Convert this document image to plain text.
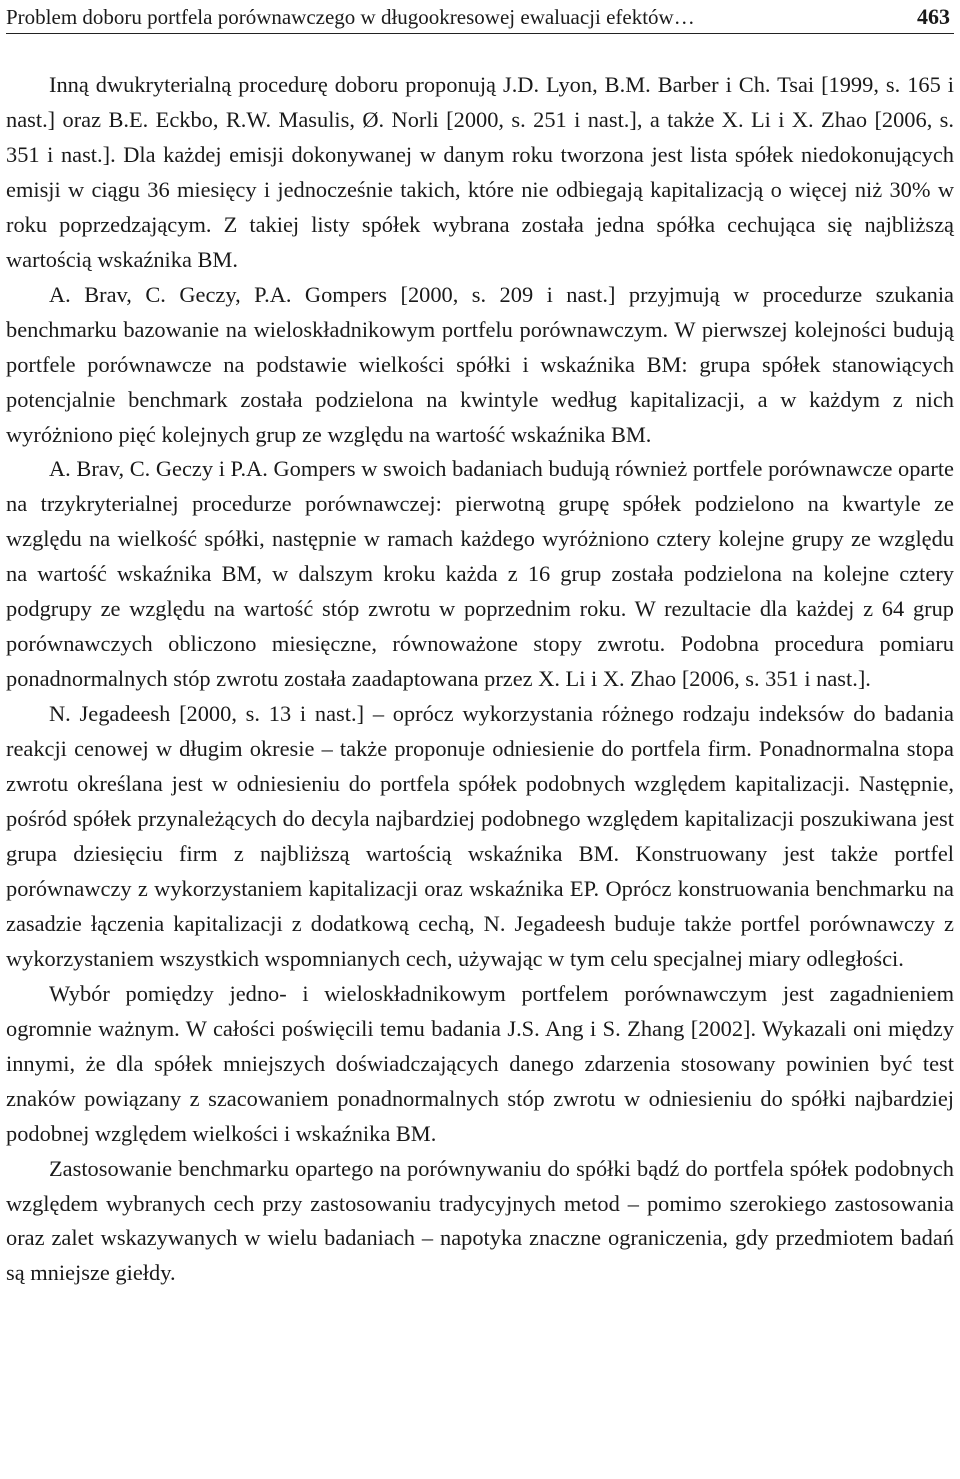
Problem doboru portfela porównawczego w długookresowej ewaluacji efektów…	463

Inną dwukryterialną procedurę doboru proponują J.D. Lyon, B.M. Barber i Ch. Tsai [1999, s. 165 i nast.] oraz B.E. Eckbo, R.W. Masulis, Ø. Norli [2000, s. 251 i nast.], a także X. Li i X. Zhao [2006, s. 351 i nast.]. Dla każdej emisji dokonywanej w danym roku tworzona jest lista spółek niedokonujących emisji w ciągu 36 miesięcy i jednocześnie takich, które nie odbiegają kapitalizacją o więcej niż 30% w roku poprzedzającym. Z takiej listy spółek wybrana została jedna spółka cechująca się najbliższą wartością wskaźnika BM.

A. Brav, C. Geczy, P.A. Gompers [2000, s. 209 i nast.] przyjmują w procedurze szukania benchmarku bazowanie na wieloskładnikowym portfelu porównawczym. W pierwszej kolejności budują portfele porównawcze na podstawie wielkości spółki i wskaźnika BM: grupa spółek stanowiących potencjalnie benchmark została podzielona na kwintyle według kapitalizacji, a w każdym z nich wyróżniono pięć kolejnych grup ze względu na wartość wskaźnika BM.

A. Brav, C. Geczy i P.A. Gompers w swoich badaniach budują również portfele porównawcze oparte na trzykryterialnej procedurze porównawczej: pierwotną grupę spółek podzielono na kwartyle ze względu na wielkość spółki, następnie w ramach każdego wyróżniono cztery kolejne grupy ze względu na wartość wskaźnika BM, w dalszym kroku każda z 16 grup została podzielona na kolejne cztery podgrupy ze względu na wartość stóp zwrotu w poprzednim roku. W rezultacie dla każdej z 64 grup porównawczych obliczono miesięczne, równoważone stopy zwrotu. Podobna procedura pomiaru ponadnormalnych stóp zwrotu została zaadaptowana przez X. Li i X. Zhao [2006, s. 351 i nast.].

N. Jegadeesh [2000, s. 13 i nast.] – oprócz wykorzystania różnego rodzaju indeksów do badania reakcji cenowej w długim okresie – także proponuje odniesienie do portfela firm. Ponadnormalna stopa zwrotu określana jest w odniesieniu do portfela spółek podobnych względem kapitalizacji. Następnie, pośród spółek przynależących do decyla najbardziej podobnego względem kapitalizacji poszukiwana jest grupa dziesięciu firm z najbliższą wartością wskaźnika BM. Konstruowany jest także portfel porównawczy z wykorzystaniem kapitalizacji oraz wskaźnika EP. Oprócz konstruowania benchmarku na zasadzie łączenia kapitalizacji z dodatkową cechą, N. Jegadeesh buduje także portfel porównawczy z wykorzystaniem wszystkich wspomnianych cech, używając w tym celu specjalnej miary odległości.

Wybór pomiędzy jedno- i wieloskładnikowym portfelem porównawczym jest zagadnieniem ogromnie ważnym. W całości poświęcili temu badania J.S. Ang i S. Zhang [2002]. Wykazali oni między innymi, że dla spółek mniejszych doświadczających danego zdarzenia stosowany powinien być test znaków powiązany z szacowaniem ponadnormalnych stóp zwrotu w odniesieniu do spółki najbardziej podobnej względem wielkości i wskaźnika BM.

Zastosowanie benchmarku opartego na porównywaniu do spółki bądź do portfela spółek podobnych względem wybranych cech przy zastosowaniu tradycyjnych metod – pomimo szerokiego zastosowania oraz zalet wskazywanych w wielu badaniach – napotyka znaczne ograniczenia, gdy przedmiotem badań są mniejsze giełdy.
